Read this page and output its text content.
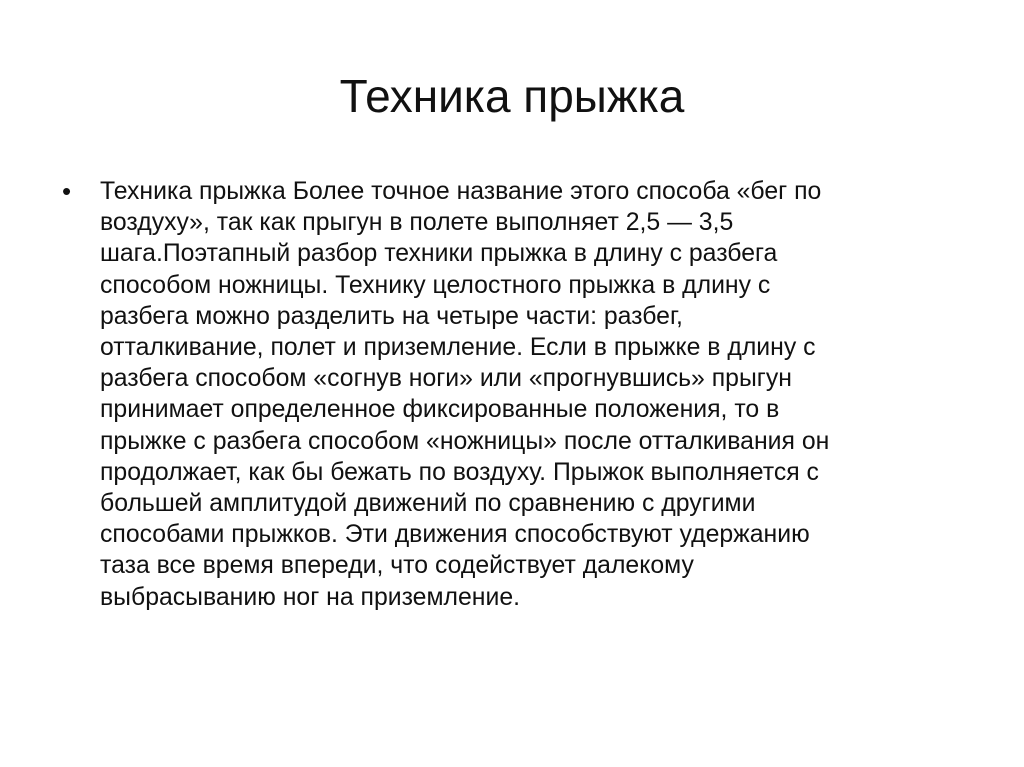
Техника прыжка
•	Техника прыжка Более точное название этого способа «бег по
воздуху», так как прыгун в полете выполняет 2,5 — 3,5
шага.Поэтапный разбор техники прыжка в длину с разбега
способом ножницы. Технику целостного прыжка в длину с
разбега можно разделить на четыре части: разбег,
отталкивание, полет и приземление. Если в прыжке в длину с
разбега способом «согнув ноги» или «прогнувшись» прыгун
принимает определенное фиксированные положения, то в
прыжке с разбега способом «ножницы» после отталкивания он
продолжает, как бы бежать по воздуху. Прыжок выполняется с
большей амплитудой движений по сравнению с другими
способами прыжков. Эти движения способствуют удержанию
таза все время впереди, что содействует далекому
выбрасыванию ног на приземление.
